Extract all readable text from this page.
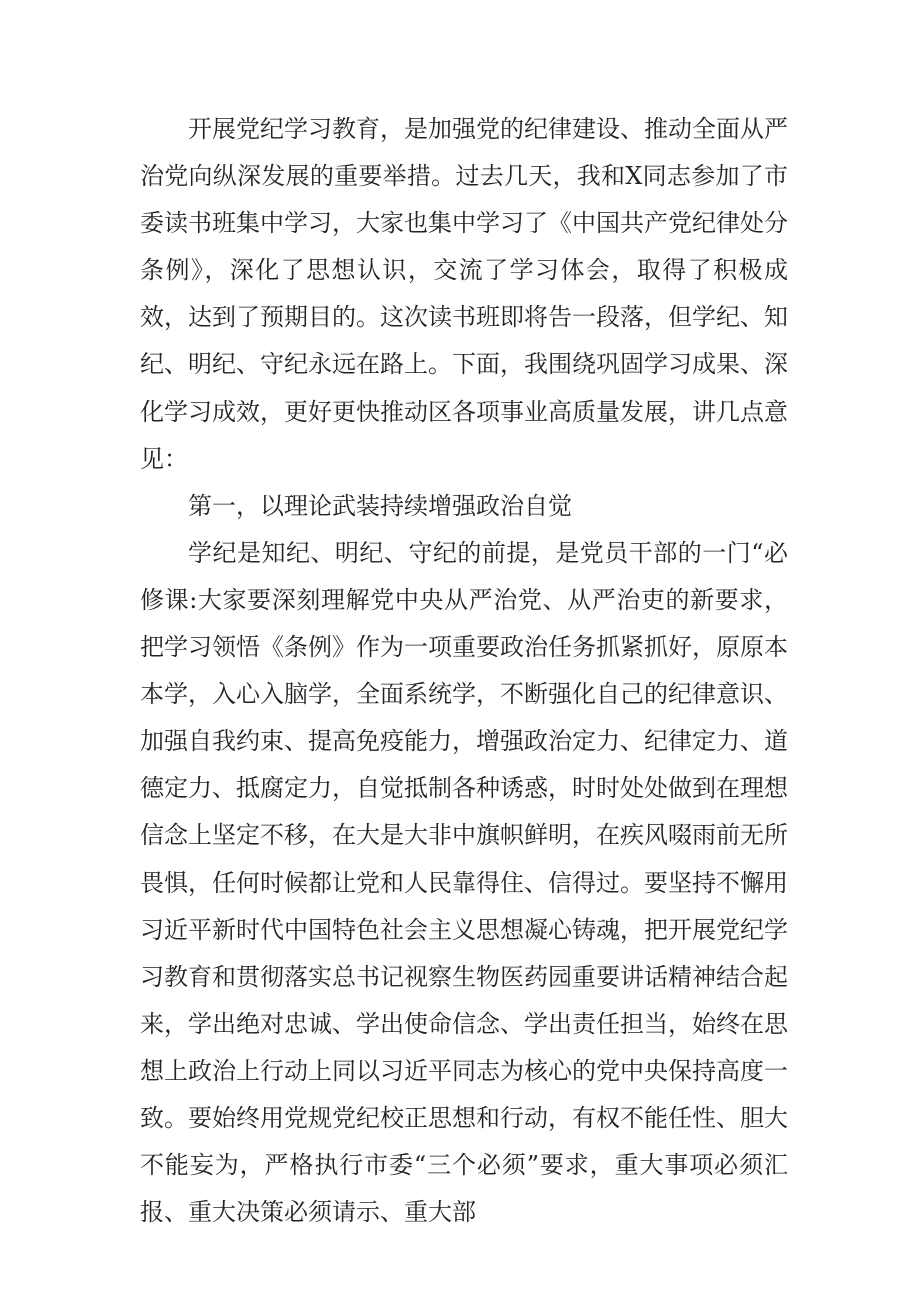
开展党纪学习教育，是加强党的纪律建设、推动全面从严治党向纵深发展的重要举措。过去几天，我和X同志参加了市委读书班集中学习，大家也集中学习了《中国共产党纪律处分条例》，深化了思想认识，交流了学习体会，取得了积极成效，达到了预期目的。这次读书班即将告一段落，但学纪、知纪、明纪、守纪永远在路上。下面，我围绕巩固学习成果、深化学习成效，更好更快推动区各项事业高质量发展，讲几点意见：

第一，以理论武装持续增强政治自觉

学纪是知纪、明纪、守纪的前提，是党员干部的一门“必修课:大家要深刻理解党中央从严治党、从严治吏的新要求，把学习领悟《条例》作为一项重要政治任务抓紧抓好，原原本本学，入心入脑学，全面系统学，不断强化自己的纪律意识、加强自我约束、提高免疫能力，增强政治定力、纪律定力、道德定力、抵腐定力，自觉抵制各种诱惑，时时处处做到在理想信念上坚定不移，在大是大非中旗帜鲜明，在疾风啜雨前无所畏惧，任何时候都让党和人民靠得住、信得过。要坚持不懈用习近平新时代中国特色社会主义思想凝心铸魂，把开展党纪学习教育和贯彻落实总书记视察生物医药园重要讲话精神结合起来，学出绝对忠诚、学出使命信念、学出责任担当，始终在思想上政治上行动上同以习近平同志为核心的党中央保持高度一致。要始终用党规党纪校正思想和行动，有权不能任性、胆大不能妄为，严格执行市委“三个必须”要求，重大事项必须汇报、重大决策必须请示、重大部
